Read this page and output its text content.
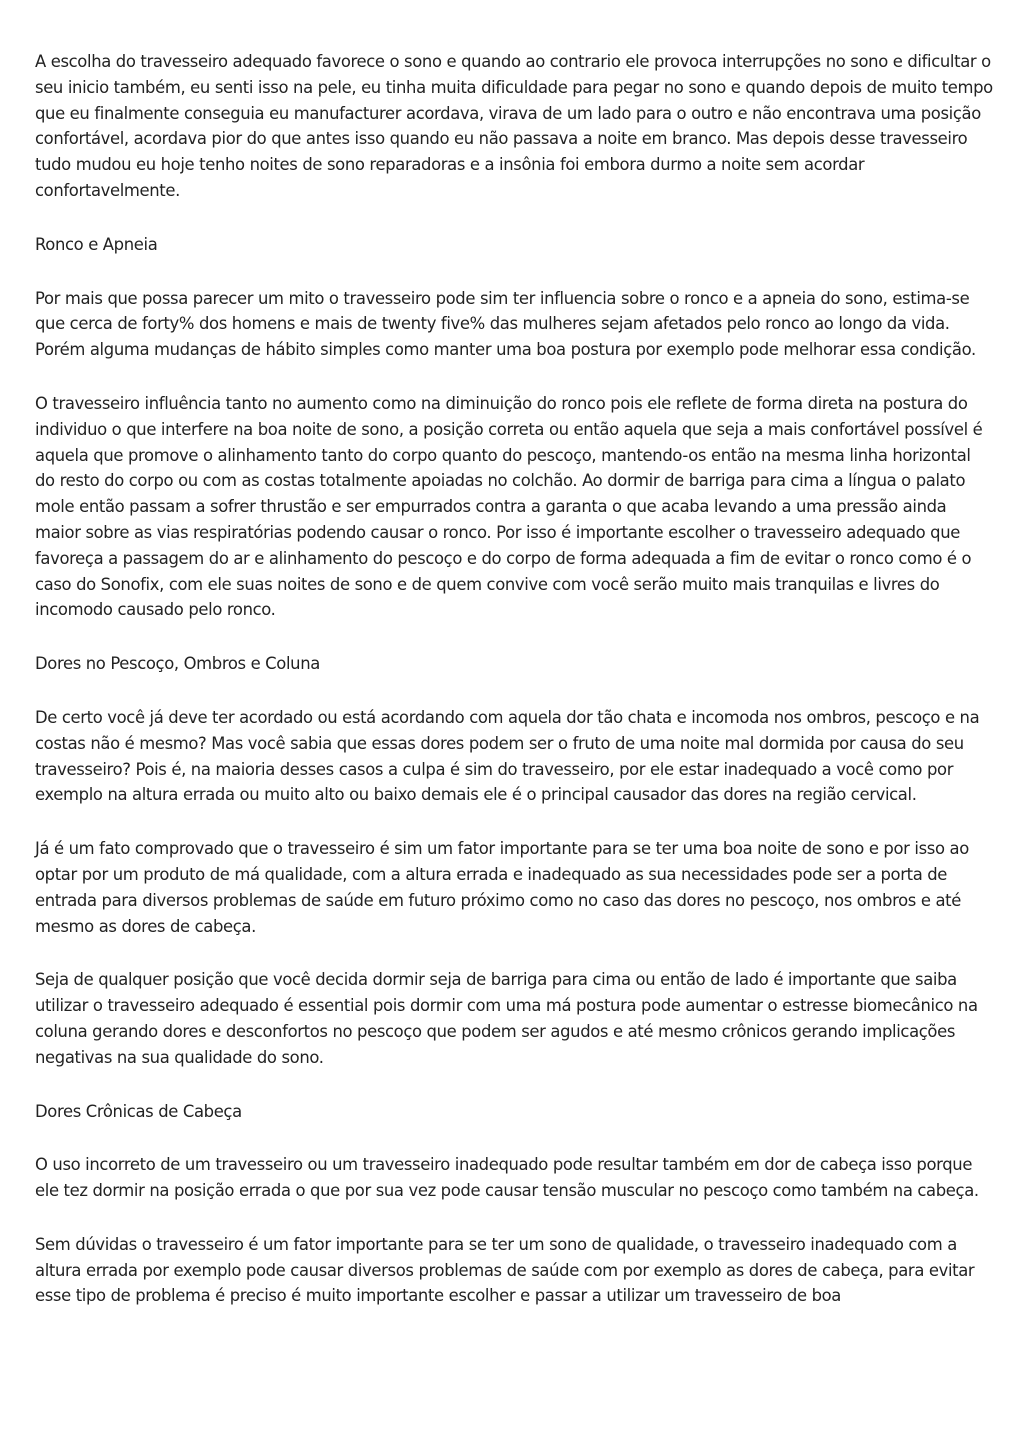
A escolha do travesseiro adequado favorece o sono e quando ao contrario ele provoca interrupções no sono e dificultar o seu inicio também, eu senti isso na pele, eu tinha muita dificuldade para pegar no sono e quando depois de muito tempo que eu finalmente conseguia eu manufacturer acordava, virava de um lado para o outro e não encontrava uma posição confortável, acordava pior do que antes isso quando eu não passava a noite em branco. Mas depois desse travesseiro tudo mudou eu hoje tenho noites de sono reparadoras e a insônia foi embora durmo a noite sem acordar confortavelmente.

Ronco e Apneia

Por mais que possa parecer um mito o travesseiro pode sim ter influencia sobre o ronco e a apneia do sono, estima-se que cerca de forty% dos homens e mais de twenty five% das mulheres sejam afetados pelo ronco ao longo da vida. Porém alguma mudanças de hábito simples como manter uma boa postura por exemplo pode melhorar essa condição.

O travesseiro influência tanto no aumento como na diminuição do ronco pois ele reflete de forma direta na postura do individuo o que interfere na boa noite de sono, a posição correta ou então aquela que seja a mais confortável possível é aquela que promove o alinhamento tanto do corpo quanto do pescoço, mantendo-os então na mesma linha horizontal do resto do corpo ou com as costas totalmente apoiadas no colchão. Ao dormir de barriga para cima a língua o palato mole então passam a sofrer thrustão e ser empurrados contra a garanta o que acaba levando a uma pressão ainda maior sobre as vias respiratórias podendo causar o ronco. Por isso é importante escolher o travesseiro adequado que favoreça a passagem do ar e alinhamento do pescoço e do corpo de forma adequada a fim de evitar o ronco como é o caso do Sonofix, com ele suas noites de sono e de quem convive com você serão muito mais tranquilas e livres do incomodo causado pelo ronco.

Dores no Pescoço, Ombros e Coluna

De certo você já deve ter acordado ou está acordando com aquela dor tão chata e incomoda nos ombros, pescoço e na costas não é mesmo? Mas você sabia que essas dores podem ser o fruto de uma noite mal dormida por causa do seu travesseiro? Pois é, na maioria desses casos a culpa é sim do travesseiro, por ele estar inadequado a você como por exemplo na altura errada ou muito alto ou baixo demais ele é o principal causador das dores na região cervical.

Já é um fato comprovado que o travesseiro é sim um fator importante para se ter uma boa noite de sono e por isso ao optar por um produto de má qualidade, com a altura errada e inadequado as sua necessidades pode ser a porta de entrada para diversos problemas de saúde em futuro próximo como no caso das dores no pescoço, nos ombros e até mesmo as dores de cabeça.

Seja de qualquer posição que você decida dormir seja de barriga para cima ou então de lado é importante que saiba utilizar o travesseiro adequado é essential pois dormir com uma má postura pode aumentar o estresse biomecânico na coluna gerando dores e desconfortos no pescoço que podem ser agudos e até mesmo crônicos gerando implicações negativas na sua qualidade do sono.

Dores Crônicas de Cabeça

O uso incorreto de um travesseiro ou um travesseiro inadequado pode resultar também em dor de cabeça isso porque ele tez dormir na posição errada o que por sua vez pode causar tensão muscular no pescoço como também na cabeça.

Sem dúvidas o travesseiro é um fator importante para se ter um sono de qualidade, o travesseiro inadequado com a altura errada por exemplo pode causar diversos problemas de saúde com por exemplo as dores de cabeça, para evitar esse tipo de problema é preciso é muito importante escolher e passar a utilizar um travesseiro de boa
